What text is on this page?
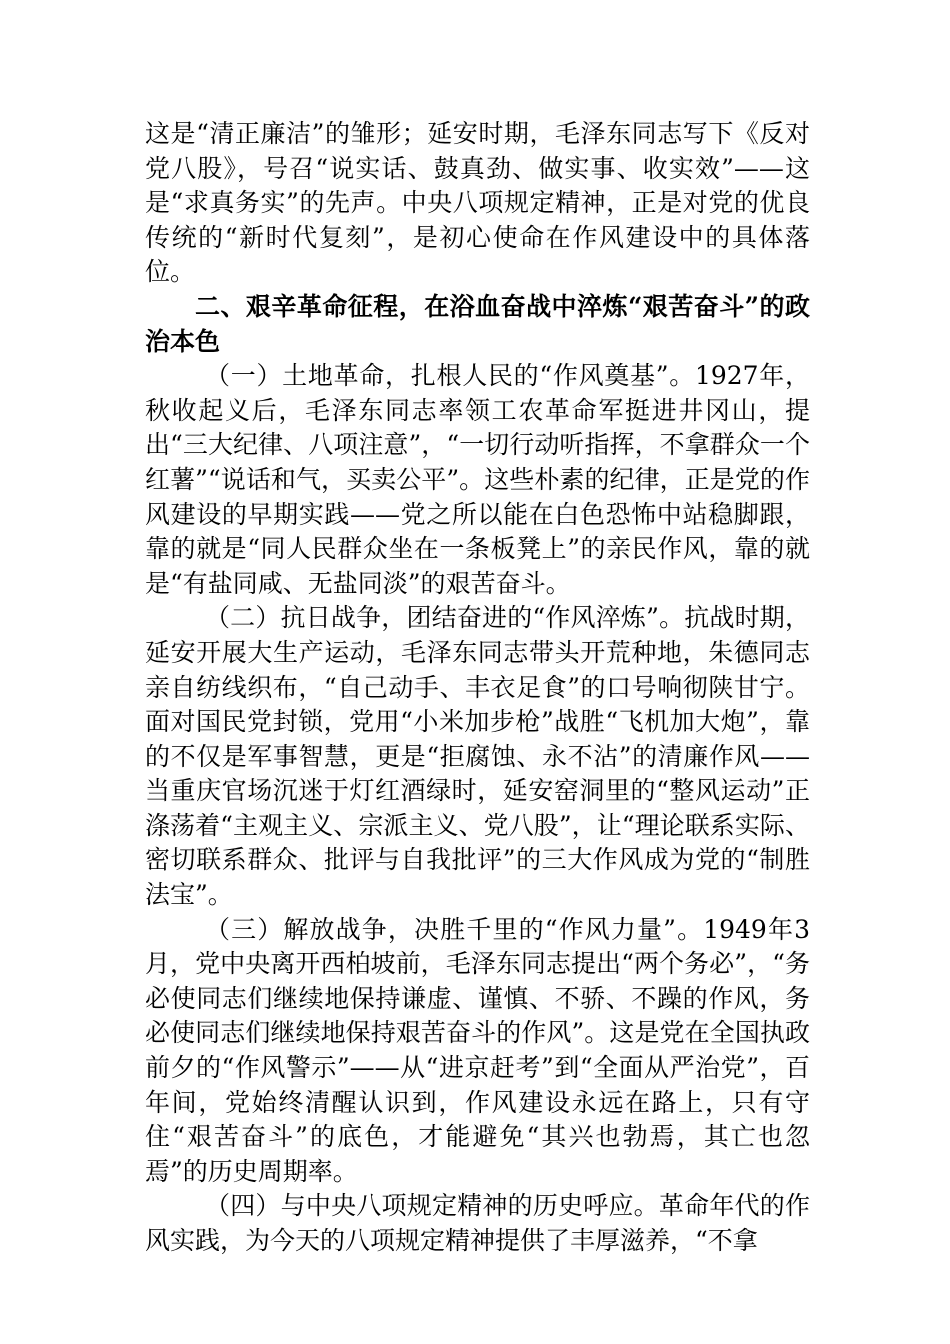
这是“清正廉洁”的雏形；延安时期，毛泽东同志写下《反对党八股》，号召“说实话、鼓真劲、做实事、收实效”——这是“求真务实”的先声。中央八项规定精神，正是对党的优良传统的“新时代复刻”，是初心使命在作风建设中的具体落位。

二、艰辛革命征程，在浴血奋战中淬炼“艰苦奋斗”的政治本色

（一）土地革命，扎根人民的“作风奠基”。1927年，秋收起义后，毛泽东同志率领工农革命军挺进井冈山，提出“三大纪律、八项注意”，“一切行动听指挥，不拿群众一个红薯”“说话和气，买卖公平”。这些朴素的纪律，正是党的作风建设的早期实践——党之所以能在白色恐怖中站稳脚跟，靠的就是“同人民群众坐在一条板凳上”的亲民作风，靠的就是“有盐同咸、无盐同淡”的艰苦奋斗。

（二）抗日战争，团结奋进的“作风淬炼”。抗战时期，延安开展大生产运动，毛泽东同志带头开荒种地，朱德同志亲自纺线织布，“自己动手、丰衣足食”的口号响彻陕甘宁。面对国民党封锁，党用“小米加步枪”战胜“飞机加大炮”，靠的不仅是军事智慧，更是“拒腐蚀、永不沾”的清廉作风——当重庆官场沉迷于灯红酒绿时，延安窑洞里的“整风运动”正涤荡着“主观主义、宗派主义、党八股”，让“理论联系实际、密切联系群众、批评与自我批评”的三大作风成为党的“制胜法宝”。

（三）解放战争，决胜千里的“作风力量”。1949年3月，党中央离开西柏坡前，毛泽东同志提出“两个务必”，“务必使同志们继续地保持谦虚、谨慎、不骄、不躁的作风，务必使同志们继续地保持艰苦奋斗的作风”。这是党在全国执政前夕的“作风警示”——从“进京赶考”到“全面从严治党”，百年间，党始终清醒认识到，作风建设永远在路上，只有守住“艰苦奋斗”的底色，才能避免“其兴也勃焉，其亡也忽焉”的历史周期率。

（四）与中央八项规定精神的历史呼应。革命年代的作风实践，为今天的八项规定精神提供了丰厚滋养，“不拿
